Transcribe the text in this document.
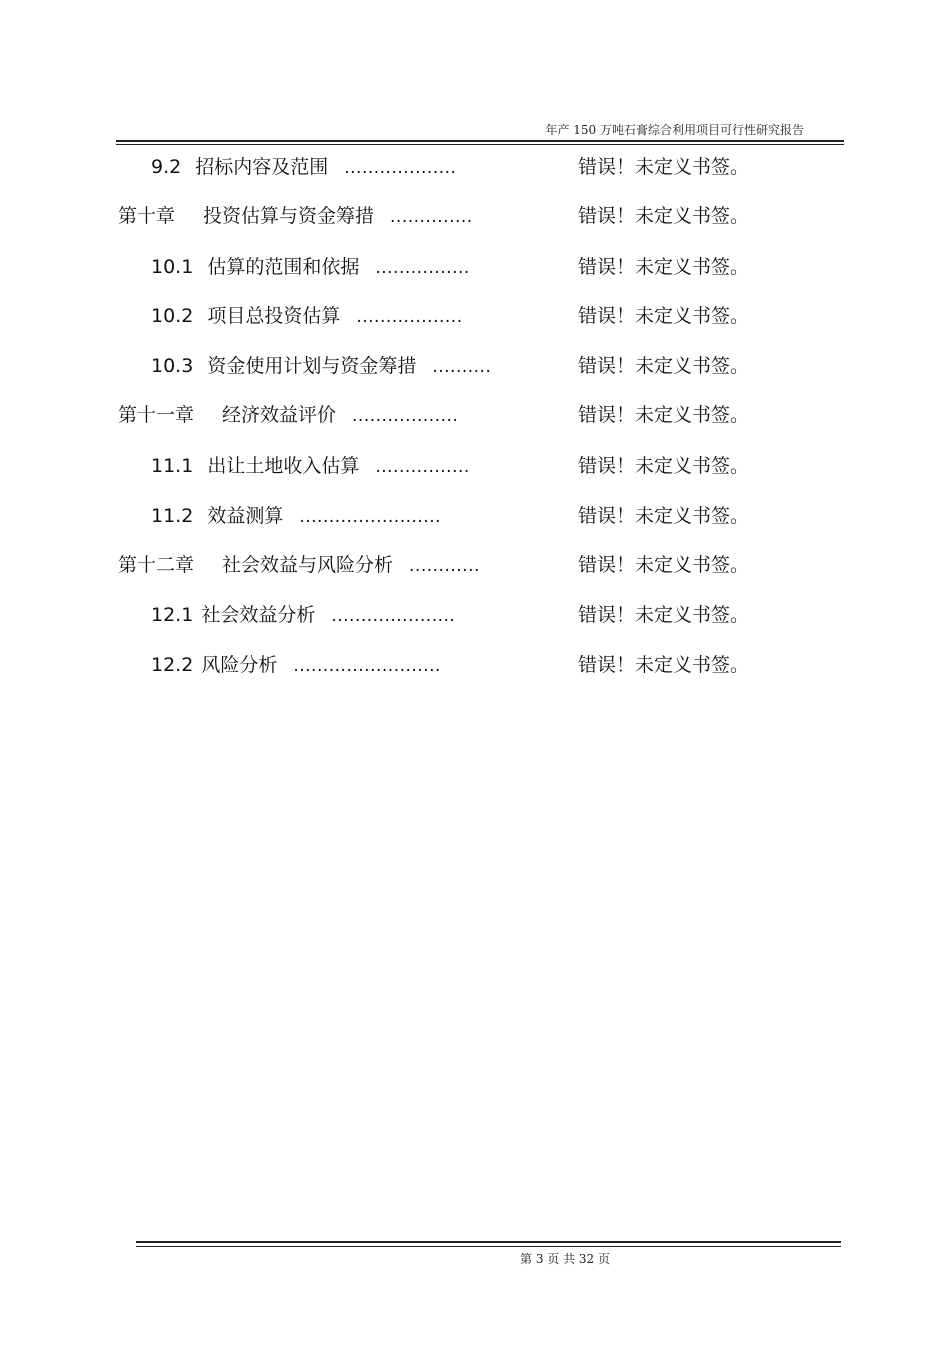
年产 150 万吨石膏综合利用项目可行性研究报告
9.2 招标内容及范围 ...................	错误！未定义书签。
第十章 投资估算与资金筹措 ..............	错误！未定义书签。
10.1 估算的范围和依据 ................	错误！未定义书签。
10.2 项目总投资估算 ..................	错误！未定义书签。
10.3 资金使用计划与资金筹措 ..........	错误！未定义书签。
第十一章 经济效益评价 ..................	错误！未定义书签。
11.1 出让土地收入估算 ................	错误！未定义书签。
11.2 效益测算 ........................	错误！未定义书签。
第十二章 社会效益与风险分析 ............	错误！未定义书签。
12.1 社会效益分析 .....................	错误！未定义书签。
12.2 风险分析 .........................	错误！未定义书签。
第 3 页 共 32 页
